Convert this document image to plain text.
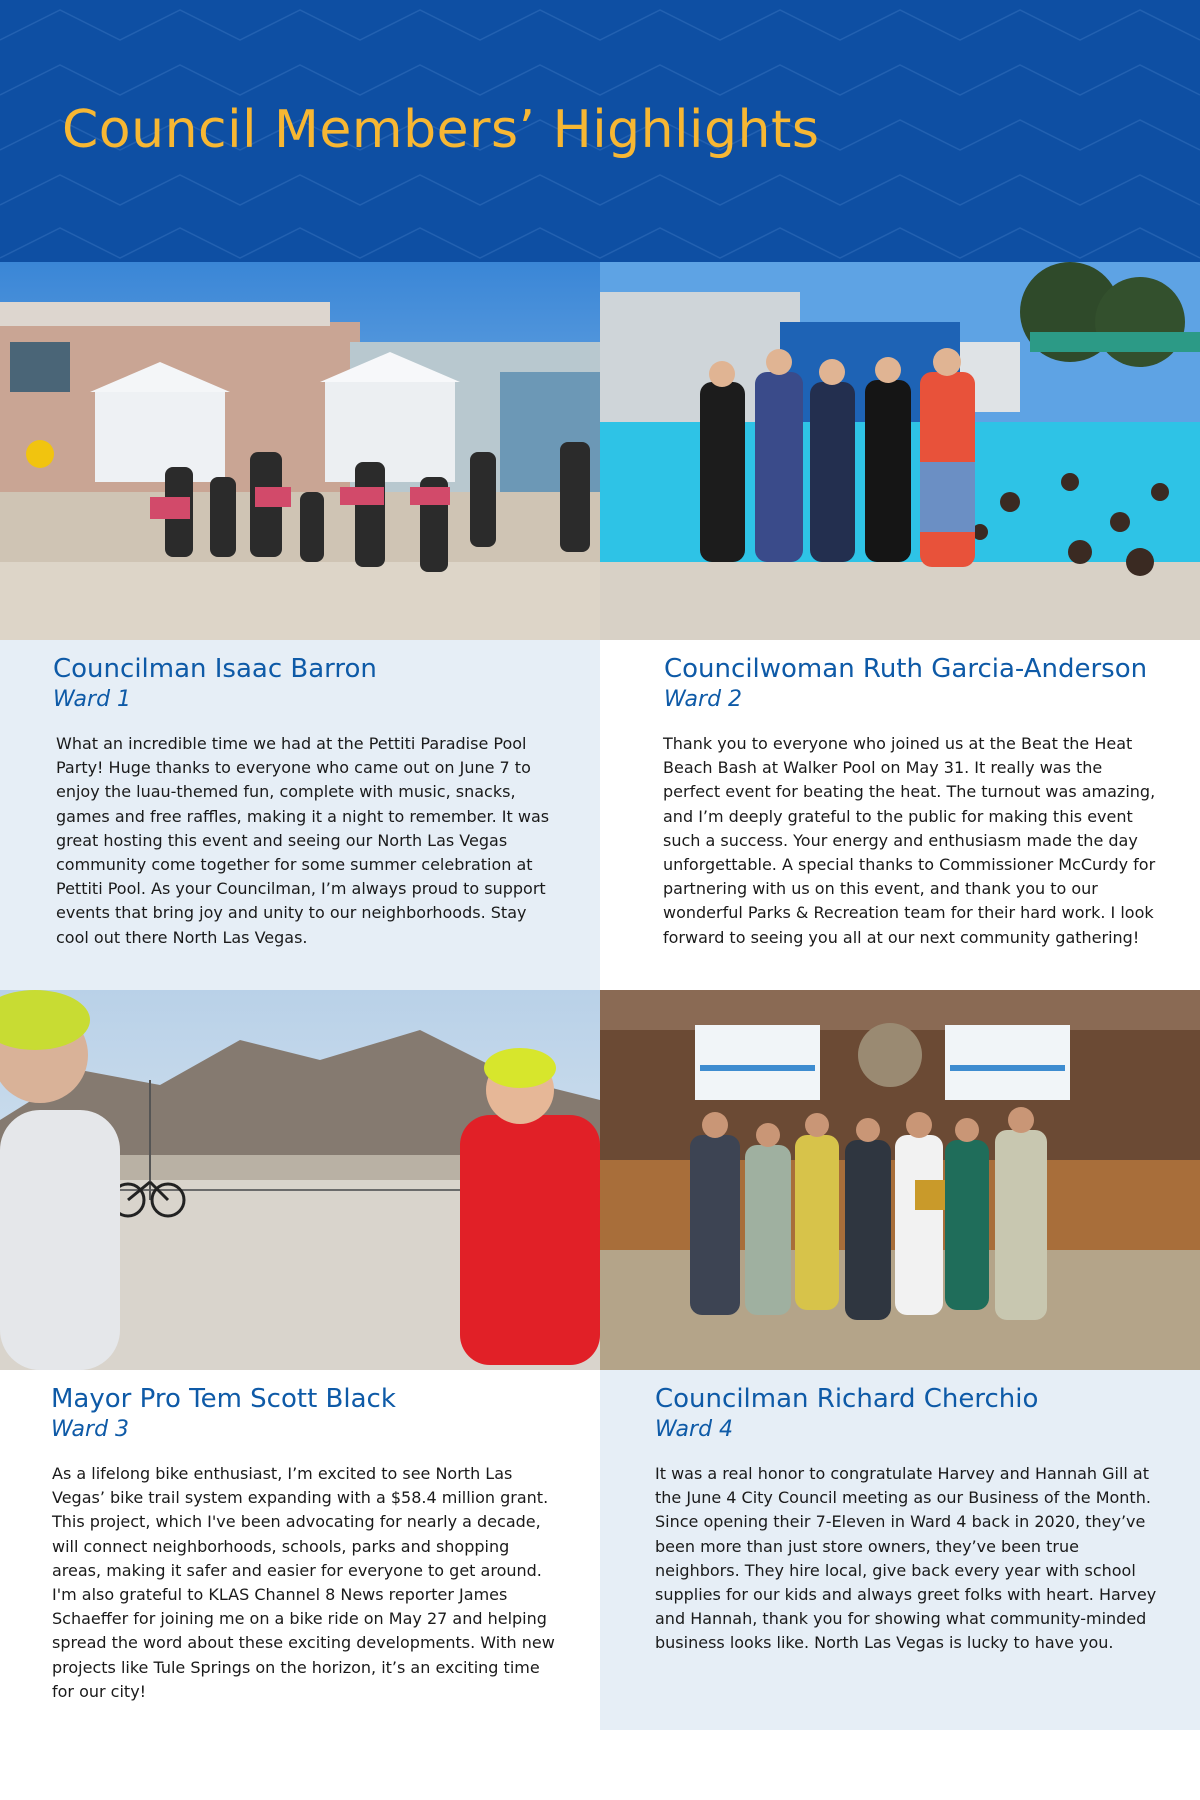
Council Members’ Highlights
Councilman Isaac Barron
Ward 1

What an incredible time we had at the Pettiti Paradise Pool Party! Huge thanks to everyone who came out on June 7 to enjoy the luau-themed fun, complete with music, snacks, games and free raffles, making it a night to remember. It was great hosting this event and seeing our North Las Vegas community come together for some summer celebration at Pettiti Pool. As your Councilman, I’m always proud to support events that bring joy and unity to our neighborhoods. Stay cool out there North Las Vegas.

Councilwoman Ruth Garcia-Anderson
Ward 2

Thank you to everyone who joined us at the Beat the Heat Beach Bash at Walker Pool on May 31. It really was the perfect event for beating the heat. The turnout was amazing, and I’m deeply grateful to the public for making this event such a success. Your energy and enthusiasm made the day unforgettable. A special thanks to Commissioner McCurdy for partnering with us on this event, and thank you to our wonderful Parks & Recreation team for their hard work. I look forward to seeing you all at our next community gathering!

Mayor Pro Tem Scott Black
Ward 3

As a lifelong bike enthusiast, I’m excited to see North Las Vegas’ bike trail system expanding with a $58.4 million grant. This project, which I've been advocating for nearly a decade, will connect neighborhoods, schools, parks and shopping areas, making it safer and easier for everyone to get around. I'm also grateful to KLAS Channel 8 News reporter James Schaeffer for joining me on a bike ride on May 27 and helping spread the word about these exciting developments. With new projects like Tule Springs on the horizon, it’s an exciting time for our city!

Councilman Richard Cherchio
Ward 4

It was a real honor to congratulate Harvey and Hannah Gill at the June 4 City Council meeting as our Business of the Month. Since opening their 7-Eleven in Ward 4 back in 2020, they’ve been more than just store owners, they’ve been true neighbors. They hire local, give back every year with school supplies for our kids and always greet folks with heart. Harvey and Hannah, thank you for showing what community-minded business looks like. North Las Vegas is lucky to have you.
